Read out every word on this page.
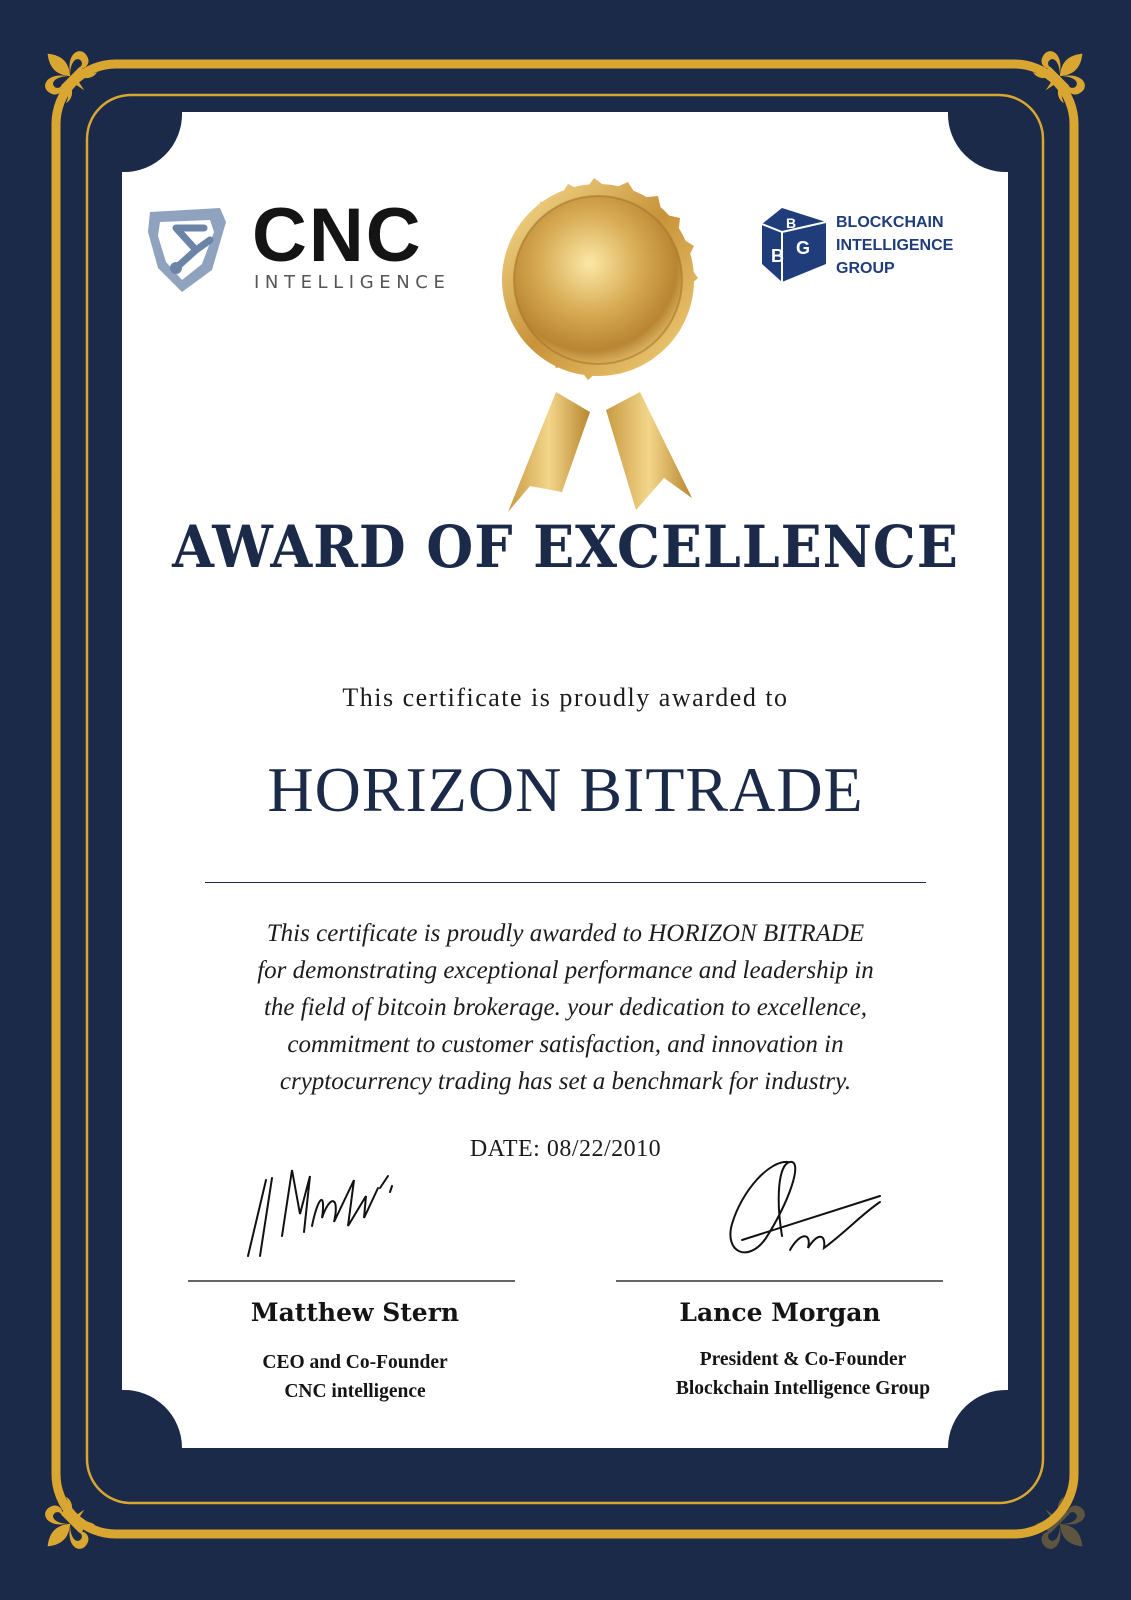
B G
B
CNC
INTELLIGENCE
BLOCKCHAIN
INTELLIGENCE
GROUP
AWARD OF EXCELLENCE
This certificate is proudly awarded to
HORIZON BITRADE
This certificate is proudly awarded to HORIZON BITRADE
for demonstrating exceptional performance and leadership in
the field of bitcoin brokerage. your dedication to excellence,
commitment to customer satisfaction, and innovation in
cryptocurrency trading has set a benchmark for industry.
DATE: 08/22/2010
Matthew Stern
CEO and Co-Founder
CNC intelligence
Lance Morgan
President & Co-Founder
Blockchain Intelligence Group
